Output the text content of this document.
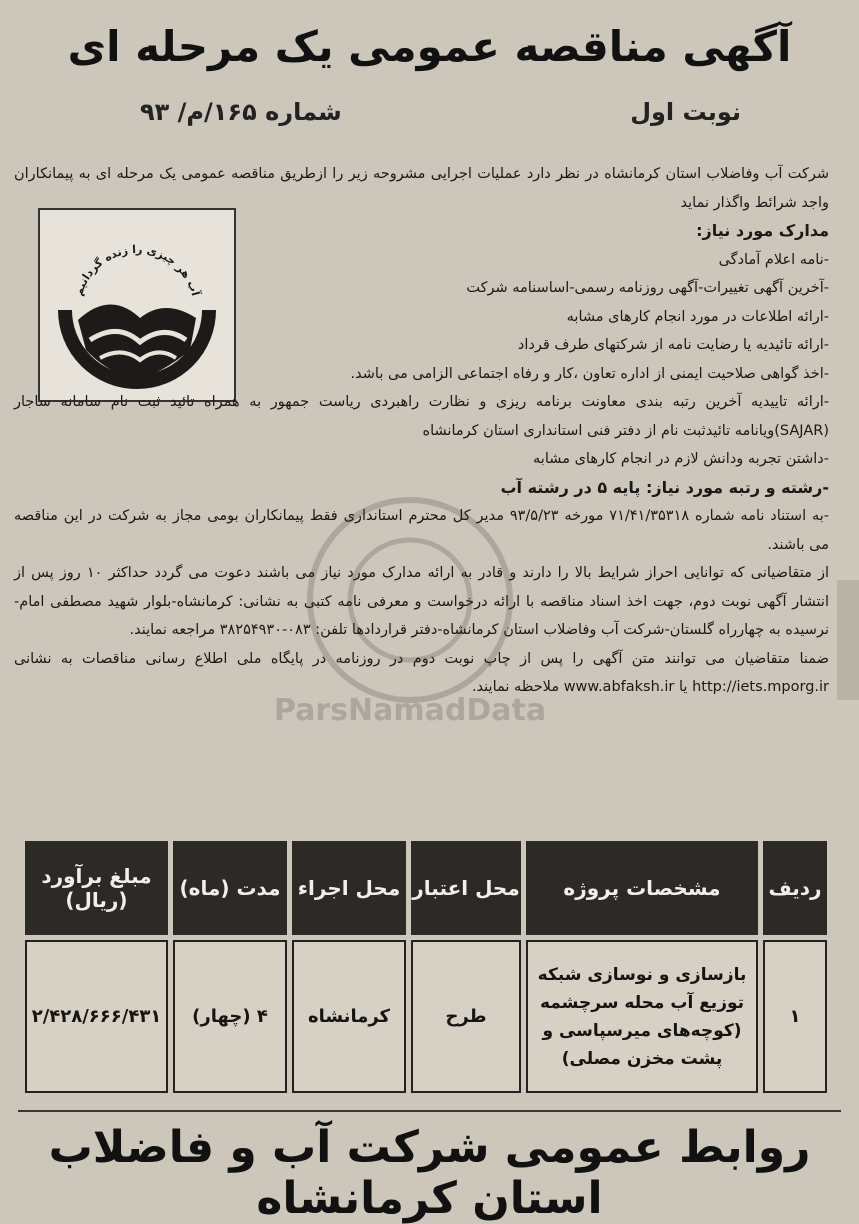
آگهی مناقصه عمومی یک مرحله ای
نوبت اول
شماره ۱۶۵/م/ ۹۳
آب هر چیزی را زنده گردانیم

شرکت آب وفاضلاب استان کرمانشاه در نظر دارد عملیات اجرایی مشروحه زیر را ازطریق مناقصه عمومی یک مرحله ای به پیمانکاران واجد شرائط واگذار نماید

مدارک مورد نیاز:

-نامه اعلام آمادگی

-آخرین آگهی تغییرات-آگهی روزنامه رسمی-اساسنامه شرکت

-ارائه اطلاعات در مورد انجام کارهای مشابه

-ارائه تائیدیه یا رضایت نامه از شرکتهای طرف قرداد

-اخذ گواهی صلاحیت ایمنی از اداره تعاون ،کار و رفاه اجتماعی الزامی می باشد.

-ارائه تاییدیه آخرین رتبه بندی معاونت برنامه ریزی و نظارت راهبردی ریاست جمهور به همراه تائید ثبت نام سامانه ساجار (SAJAR)ویانامه تائیدثبت نام از دفتر فنی استانداری استان کرمانشاه

-داشتن تجربه ودانش لازم در انجام کارهای مشابه

-رشته و رتبه مورد نیاز: پایه ۵ در رشته آب

-به استناد نامه شماره ۷۱/۴۱/۳۵۳۱۸ مورخه ۹۳/۵/۲۳ مدیر کل محترم استانداری فقط پیمانکاران بومی مجاز به شرکت در این مناقصه می باشند.

از متقاضیانی که توانایی احراز شرایط بالا را دارند و قادر به ارائه مدارک مورد نیاز می باشند دعوت می گردد حداکثر ۱۰ روز پس از انتشار آگهی نوبت دوم، جهت اخذ اسناد مناقصه با ارائه درخواست و معرفی نامه کتبی به نشانی: کرمانشاه-بلوار شهید مصطفی امام-نرسیده به چهارراه گلستان-شرکت آب وفاضلاب استان کرمانشاه-دفتر قراردادها تلفن: ۰۸۳-۳۸۲۵۴۹۳۰ مراجعه نمایند.

ضمنا متقاضیان می توانند متن آگهی را پس از چاپ نوبت دوم در روزنامه در پایگاه ملی اطلاع رسانی مناقصات به نشانی http://iets.mporg.ir یا www.abfaksh.ir ملاحظه نمایند.

ParsNamadData
ردیف	مشخصات پروژه	محل اعتبار	محل اجراء	مدت (ماه)	مبلغ برآورد (ریال)
۱	بازسازی و نوسازی شبکه توزیع آب محله سرچشمه (کوچه‌های میرسپاسی و پشت مخزن مصلی)	طرح	کرمانشاه	۴ (چهار)	۲/۴۲۸/۶۶۶/۴۳۱
روابط عمومی شرکت آب و فاضلاب استان کرمانشاه
